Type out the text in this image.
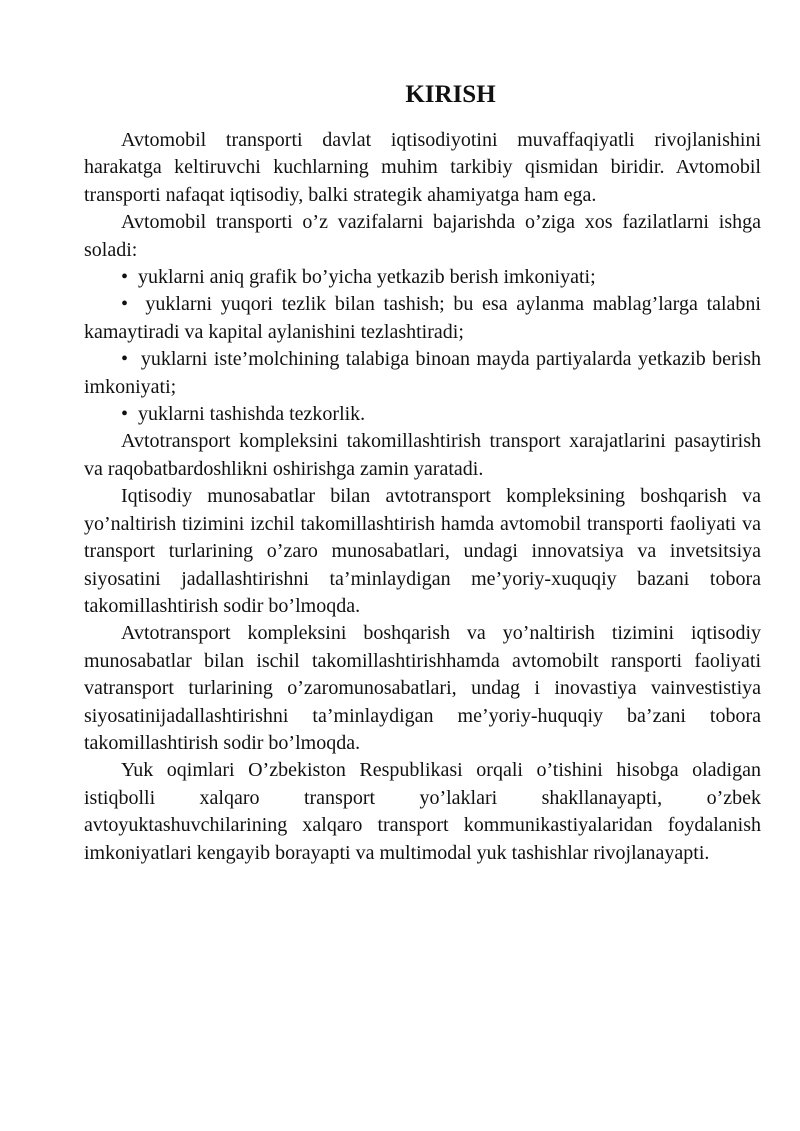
KIRISH

Avtomobil transporti davlat iqtisodiyotini muvaffaqiyatli rivojlanishini harakatga keltiruvchi kuchlarning muhim tarkibiy qismidan biridir. Avtomobil transporti nafaqat iqtisodiy, balki strategik ahamiyatga ham ega.

Avtomobil transporti o’z vazifalarni bajarishda o’ziga xos fazilatlarni ishga soladi:

•  yuklarni aniq grafik bo’yicha yetkazib berish imkoniyati;

•  yuklarni yuqori tezlik bilan tashish; bu esa aylanma mablag’larga talabni kamaytiradi va kapital aylanishini tezlashtiradi;

•  yuklarni iste’molchining talabiga binoan mayda partiyalarda yetkazib berish imkoniyati;

•  yuklarni tashishda tezkorlik.

Avtotransport kompleksini takomillashtirish transport xarajatlarini pasaytirish va raqobatbardoshlikni oshirishga zamin yaratadi.

Iqtisodiy munosabatlar bilan avtotransport kompleksining boshqarish va yo’naltirish tizimini izchil takomillashtirish hamda avtomobil transporti faoliyati va transport turlarining o’zaro munosabatlari, undagi innovatsiya va invetsitsiya siyosatini jadallashtirishni ta’minlaydigan me’yoriy-xuquqiy bazani tobora takomillashtirish sodir bo’lmoqda.

Avtotransport kompleksini boshqarish va yo’naltirish tizimini iqtisodiy munosabatlar bilan ischil takomillashtirishhamda avtomobilt ransporti faoliyati vatransport turlarining o’zaromunosabatlari, undag i inovastiya vainvestistiya siyosatinijadallashtirishni ta’minlaydigan me’yoriy-huquqiy ba’zani tobora takomillashtirish sodir bo’lmoqda.

Yuk oqimlari O’zbekiston Respublikasi orqali o’tishini hisobga oladigan istiqbolli xalqaro transport yo’laklari shakllanayapti, o’zbek avtoyuktashuvchilarining xalqaro transport kommunikastiyalaridan foydalanish imkoniyatlari kengayib borayapti va multimodal yuk tashishlar rivojlanayapti.
